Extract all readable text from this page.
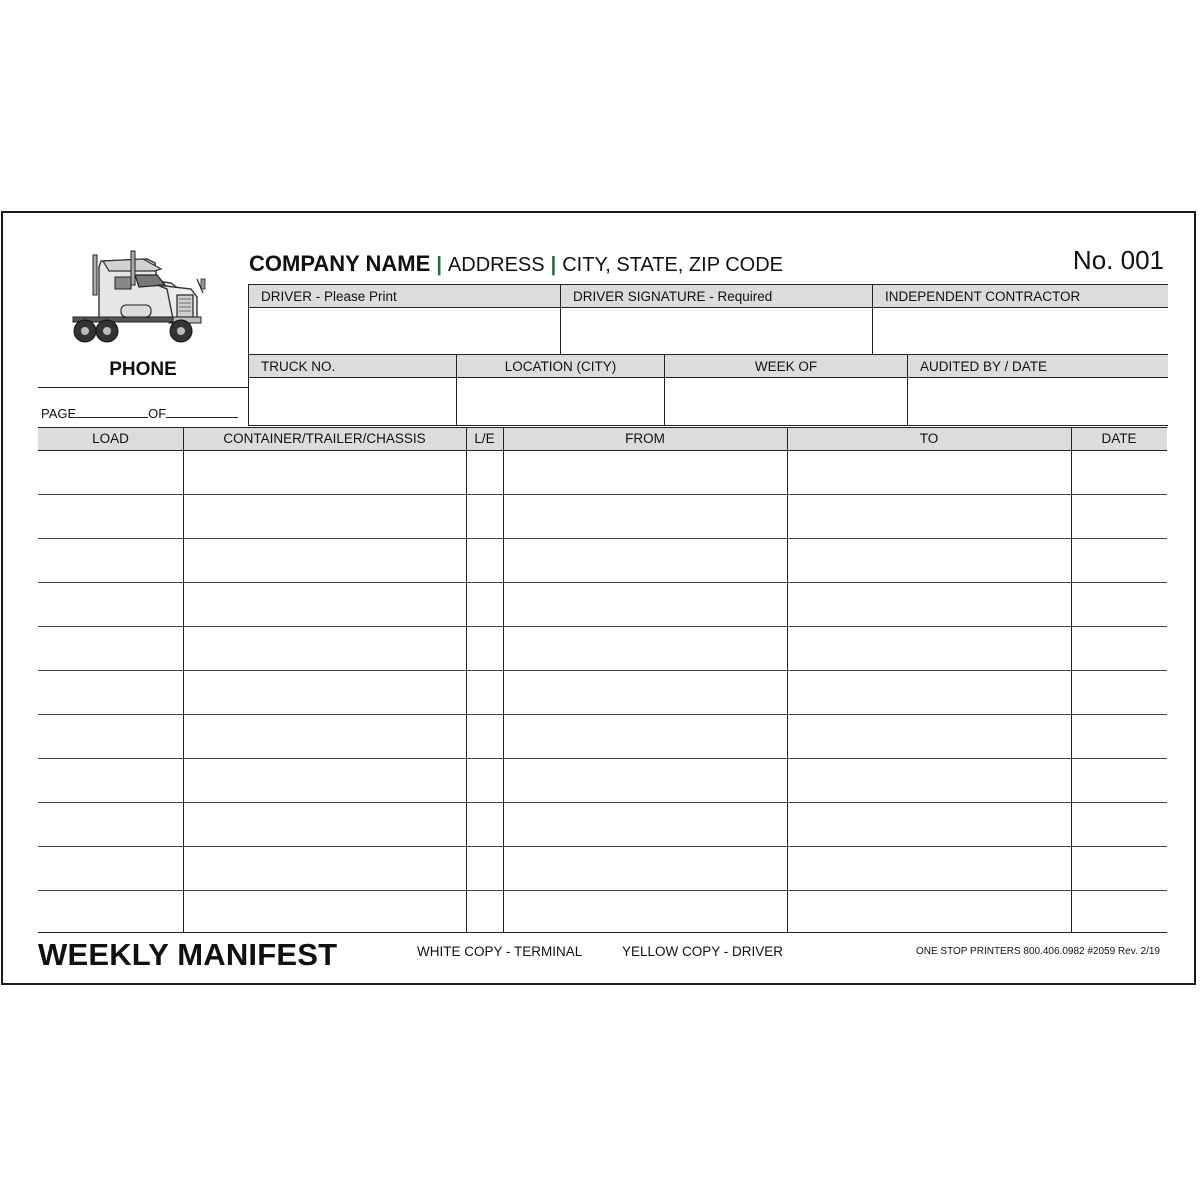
PHONE
PAGE	OF
COMPANY NAME | ADDRESS | CITY, STATE, ZIP CODE	No. 001
DRIVER - Please Print	DRIVER SIGNATURE - Required	INDEPENDENT CONTRACTOR
TRUCK NO.	LOCATION (CITY)	WEEK OF	AUDITED BY / DATE
LOAD	CONTAINER/TRAILER/CHASSIS	L/E	FROM	TO	DATE
WEEKLY MANIFEST	WHITE COPY - TERMINAL	YELLOW COPY - DRIVER	ONE STOP PRINTERS 800.406.0982 #2059 Rev. 2/19
